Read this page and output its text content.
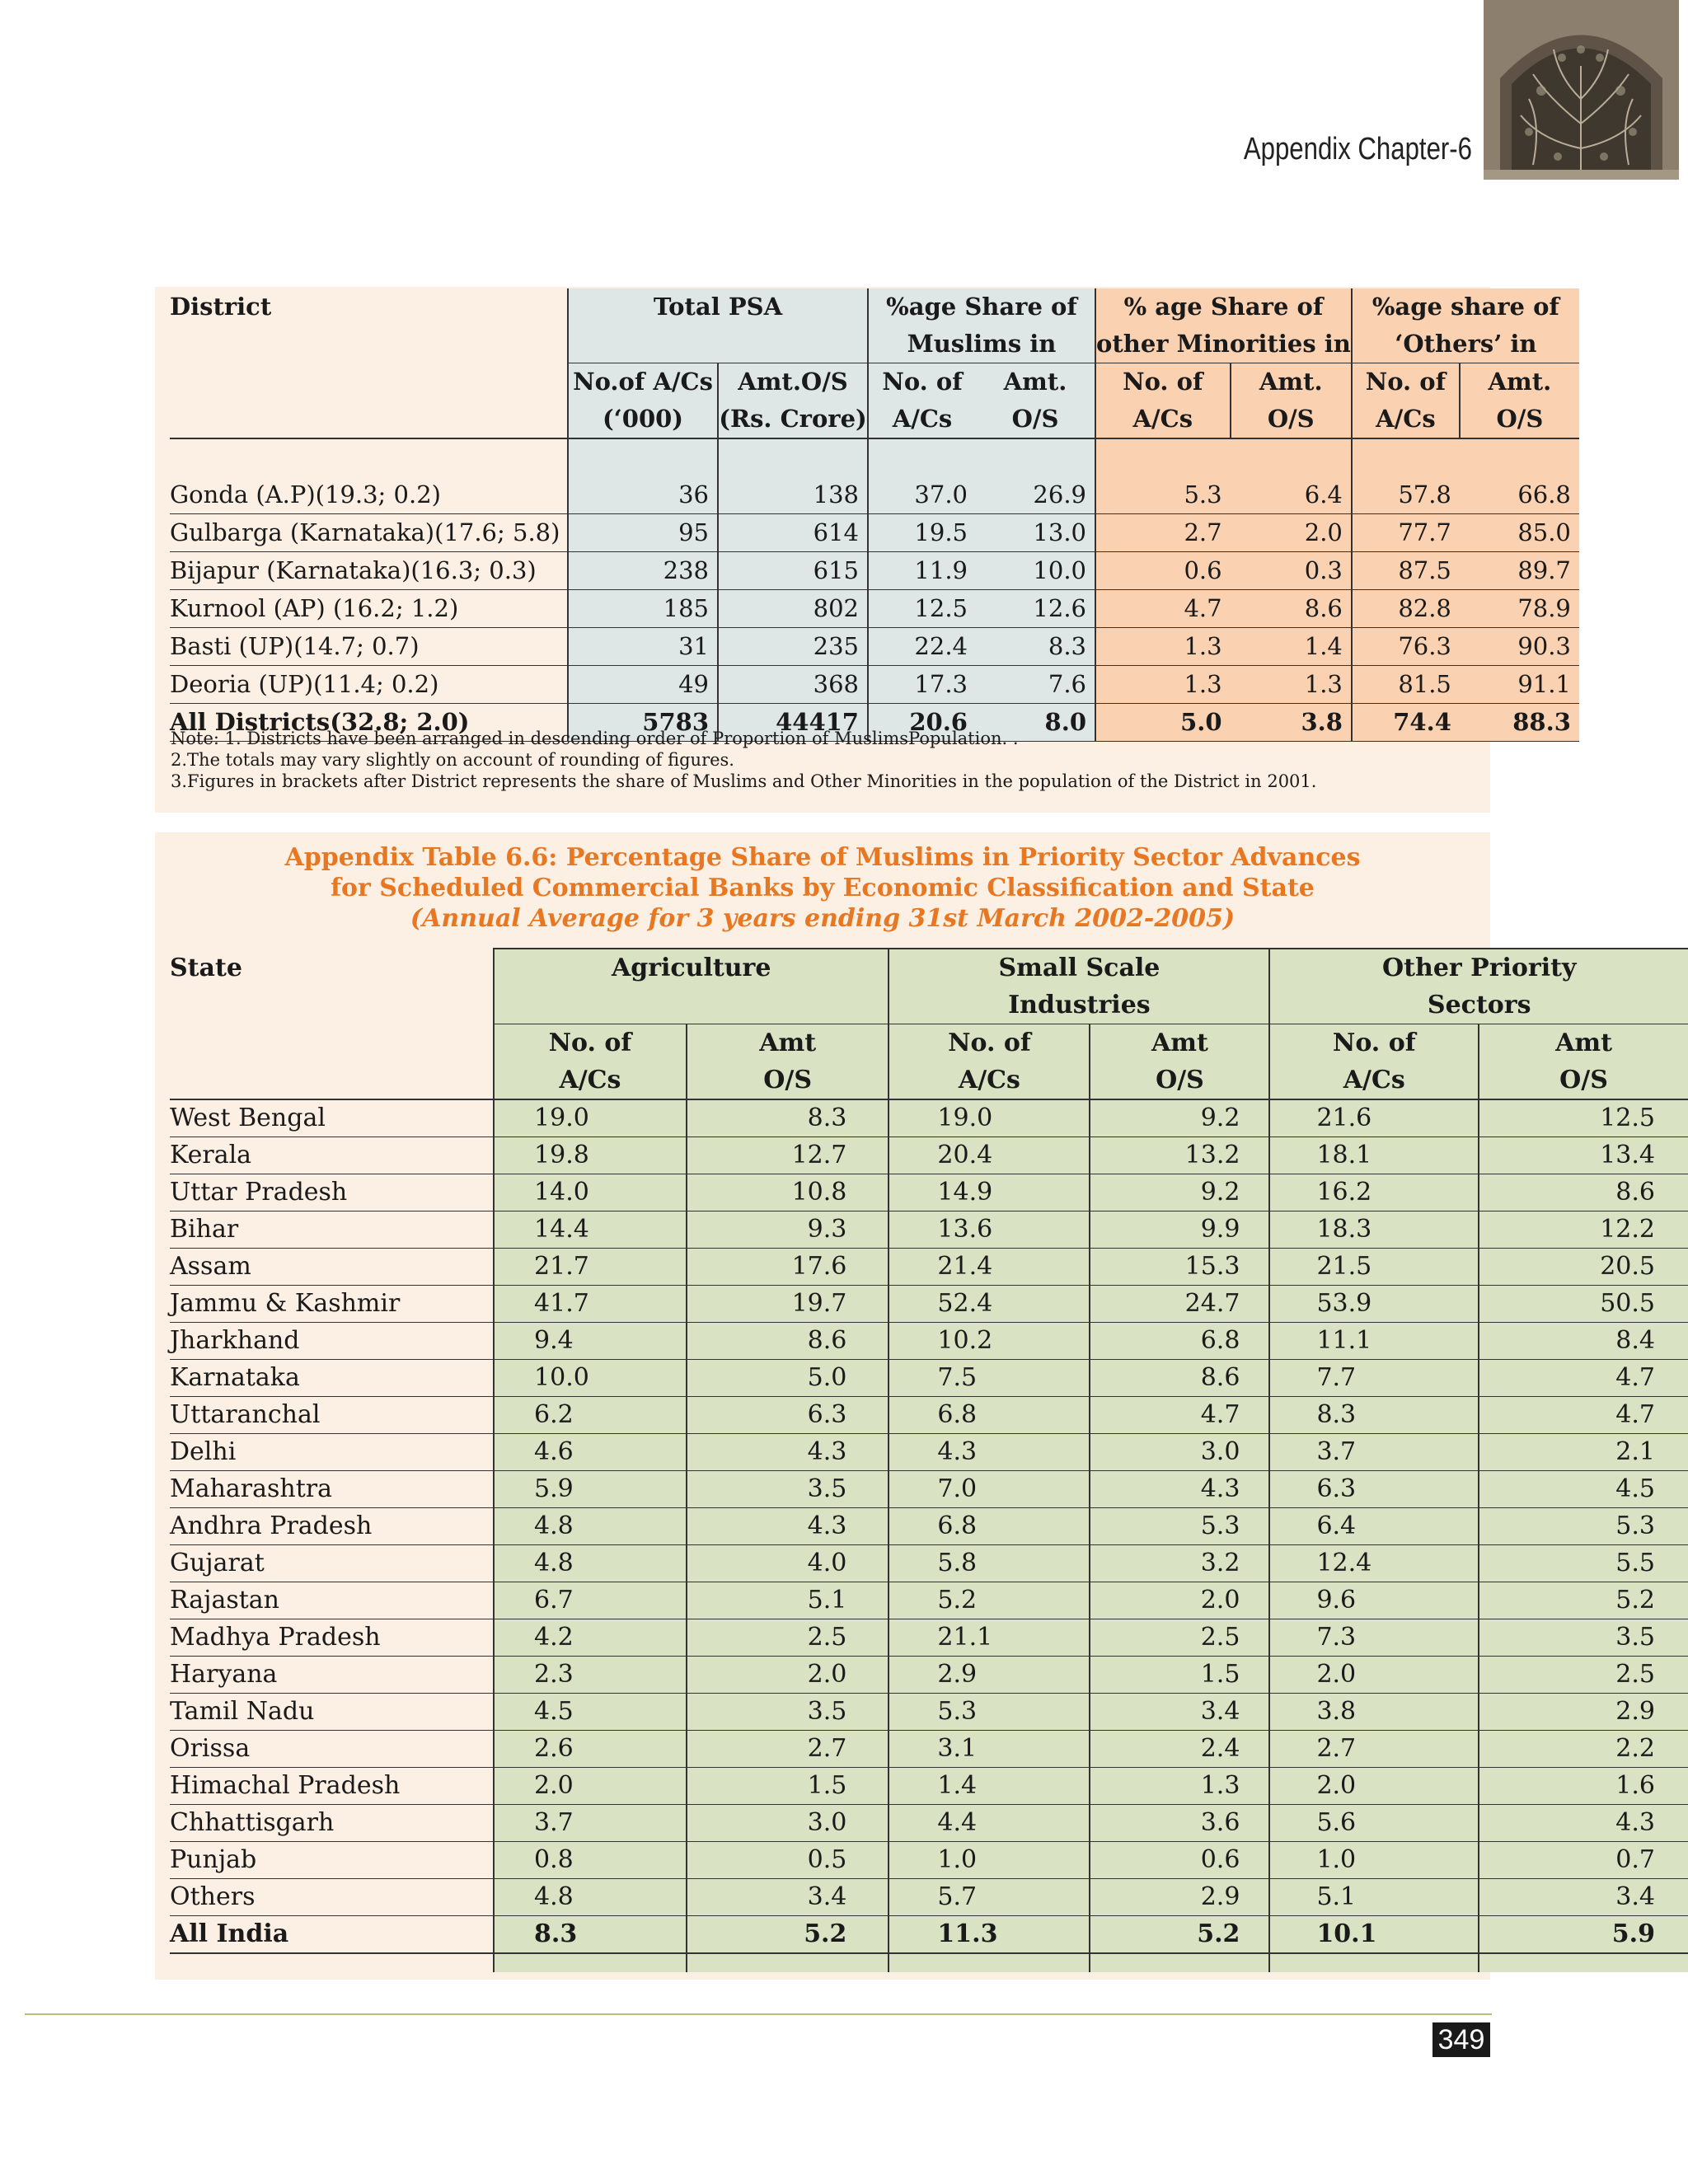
Appendix Chapter-6
District	Total PSA		%age Share of		% age Share of		%age share of	
			Muslims in		other Minorities in		‘Others’ in	
	No.of A/Cs	Amt.O/S	No. of	Amt.	No. of	Amt.	No. of	Amt.
	(‘000)	(Rs. Crore)	A/Cs	O/S	A/Cs	O/S	A/Cs	O/S

Gonda (A.P)(19.3; 0.2)	36	138	37.0	26.9	5.3	6.4	57.8	66.8
Gulbarga (Karnataka)(17.6; 5.8)	95	614	19.5	13.0	2.7	2.0	77.7	85.0
Bijapur (Karnataka)(16.3; 0.3)	238	615	11.9	10.0	0.6	0.3	87.5	89.7
Kurnool (AP) (16.2; 1.2)	185	802	12.5	12.6	4.7	8.6	82.8	78.9
Basti (UP)(14.7; 0.7)	31	235	22.4	8.3	1.3	1.4	76.3	90.3
Deoria (UP)(11.4; 0.2)	49	368	17.3	7.6	1.3	1.3	81.5	91.1
All Districts(32.8; 2.0)	5783	44417	20.6	8.0	5.0	3.8	74.4	88.3
Note: 1. Districts have been arranged in descending order of Proportion of MuslimsPopulation. .
2.The totals may vary slightly on account of rounding of figures.
3.Figures in brackets after District represents the share of Muslims and Other Minorities in the population of the District in 2001.
Appendix Table 6.6: Percentage Share of Muslims in Priority Sector Advances
for Scheduled Commercial Banks by Economic Classification and State
(Annual Average for 3 years ending 31st March 2002-2005)
State	Agriculture		Small Scale		Other Priority	
			Industries		Sectors	
	No. of	Amt	No. of	Amt	No. of	Amt
	A/Cs	O/S	A/Cs	O/S	A/Cs	O/S
West Bengal	19.0	8.3	19.0	9.2	21.6	12.5
Kerala	19.8	12.7	20.4	13.2	18.1	13.4
Uttar Pradesh	14.0	10.8	14.9	9.2	16.2	8.6
Bihar	14.4	9.3	13.6	9.9	18.3	12.2
Assam	21.7	17.6	21.4	15.3	21.5	20.5
Jammu & Kashmir	41.7	19.7	52.4	24.7	53.9	50.5
Jharkhand	9.4	8.6	10.2	6.8	11.1	8.4
Karnataka	10.0	5.0	7.5	8.6	7.7	4.7
Uttaranchal	6.2	6.3	6.8	4.7	8.3	4.7
Delhi	4.6	4.3	4.3	3.0	3.7	2.1
Maharashtra	5.9	3.5	7.0	4.3	6.3	4.5
Andhra Pradesh	4.8	4.3	6.8	5.3	6.4	5.3
Gujarat	4.8	4.0	5.8	3.2	12.4	5.5
Rajastan	6.7	5.1	5.2	2.0	9.6	5.2
Madhya Pradesh	4.2	2.5	21.1	2.5	7.3	3.5
Haryana	2.3	2.0	2.9	1.5	2.0	2.5
Tamil Nadu	4.5	3.5	5.3	3.4	3.8	2.9
Orissa	2.6	2.7	3.1	2.4	2.7	2.2
Himachal Pradesh	2.0	1.5	1.4	1.3	2.0	1.6
Chhattisgarh	3.7	3.0	4.4	3.6	5.6	4.3
Punjab	0.8	0.5	1.0	0.6	1.0	0.7
Others	4.8	3.4	5.7	2.9	5.1	3.4
All India	8.3	5.2	11.3	5.2	10.1	5.9

349
